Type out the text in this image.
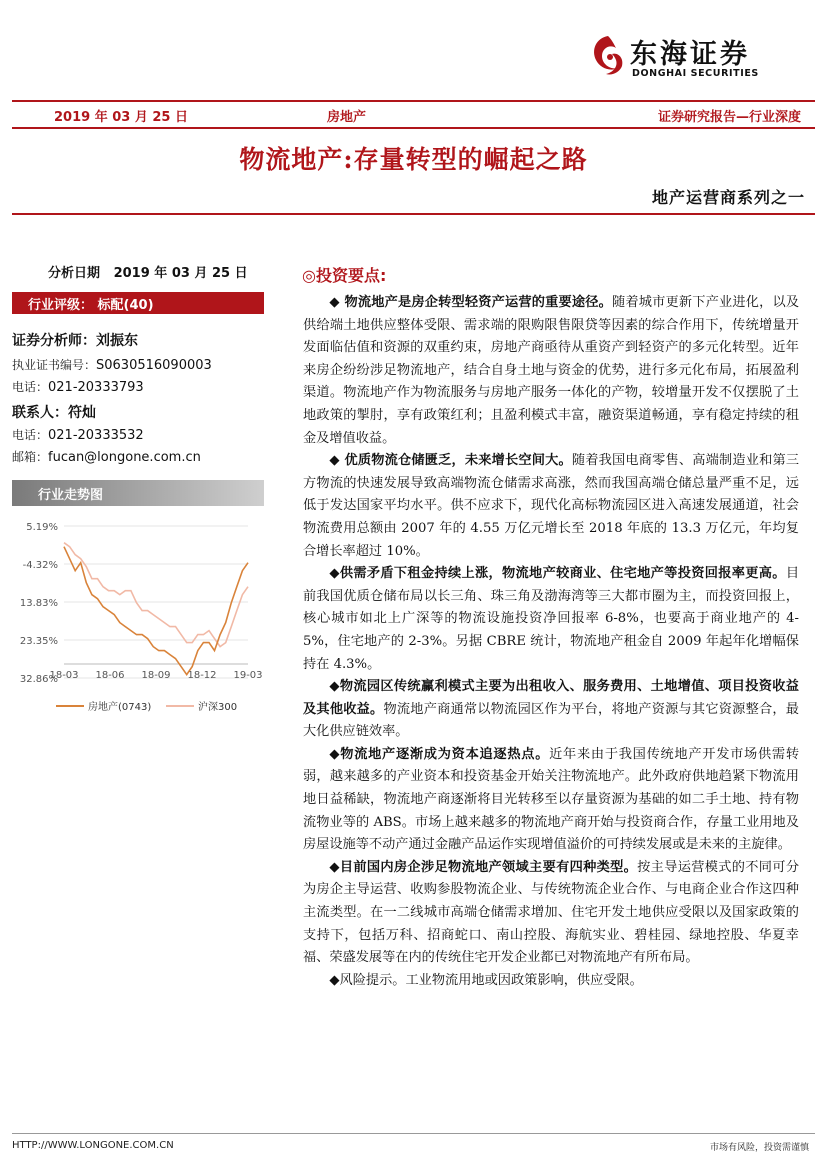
东海证券
DONGHAI SECURITIES
2019 年 03 月 25 日	房地产	证券研究报告—行业深度
物流地产:存量转型的崛起之路
地产运营商系列之一
分析日期 2019 年 03 月 25 日
行业评级： 标配(40)
证券分析师：刘振东
执业证书编号：S0630516090003
电话：021-20333793
联系人：符灿
电话：021-20333532
邮箱：fucan@longone.com.cn
行业走势图
5.19%
-4.32%
13.83%
23.35%
32.86%
18-03 18-06 18-09 18-12 19-03
房地产(0743)	沪深300
◎投资要点:

◆ 物流地产是房企转型轻资产运营的重要途径。随着城市更新下产业进化，以及供给端土地供应整体受限、需求端的限购限售限贷等因素的综合作用下，传统增量开发面临估值和资源的双重约束，房地产商亟待从重资产到轻资产的多元化转型。近年来房企纷纷涉足物流地产，结合自身土地与资金的优势，进行多元化布局，拓展盈利渠道。物流地产作为物流服务与房地产服务一体化的产物，较增量开发不仅摆脱了土地政策的掣肘，享有政策红利；且盈利模式丰富，融资渠道畅通，享有稳定持续的租金及增值收益。

◆ 优质物流仓储匮乏，未来增长空间大。随着我国电商零售、高端制造业和第三方物流的快速发展导致高端物流仓储需求高涨，然而我国高端仓储总量严重不足，远低于发达国家平均水平。供不应求下，现代化高标物流园区进入高速发展通道，社会物流费用总额由 2007 年的 4.55 万亿元增长至 2018 年底的 13.3 万亿元，年均复合增长率超过 10%。

◆供需矛盾下租金持续上涨，物流地产较商业、住宅地产等投资回报率更高。目前我国优质仓储布局以长三角、珠三角及渤海湾等三大都市圈为主，而投资回报上，核心城市如北上广深等的物流设施投资净回报率 6-8%，也要高于商业地产的 4-5%，住宅地产的 2-3%。另据 CBRE 统计，物流地产租金自 2009 年起年化增幅保持在 4.3%。

◆物流园区传统赢利模式主要为出租收入、服务费用、土地增值、项目投资收益及其他收益。物流地产商通常以物流园区作为平台，将地产资源与其它资源整合，最大化供应链效率。

◆物流地产逐渐成为资本追逐热点。近年来由于我国传统地产开发市场供需转弱，越来越多的产业资本和投资基金开始关注物流地产。此外政府供地趋紧下物流用地日益稀缺，物流地产商逐渐将目光转移至以存量资源为基础的如二手土地、持有物流物业等的 ABS。市场上越来越多的物流地产商开始与投资商合作，存量工业用地及房屋设施等不动产通过金融产品运作实现增值溢价的可持续发展或是未来的主旋律。

◆目前国内房企涉足物流地产领域主要有四种类型。按主导运营模式的不同可分为房企主导运营、收购参股物流企业、与传统物流企业合作、与电商企业合作这四种主流类型。在一二线城市高端仓储需求增加、住宅开发土地供应受限以及国家政策的支持下，包括万科、招商蛇口、南山控股、海航实业、碧桂园、绿地控股、华夏幸福、荣盛发展等在内的传统住宅开发企业都已对物流地产有所布局。

◆风险提示。工业物流用地或因政策影响，供应受限。

HTTP://WWW.LONGONE.COM.CN	市场有风险，投资需谨慎
